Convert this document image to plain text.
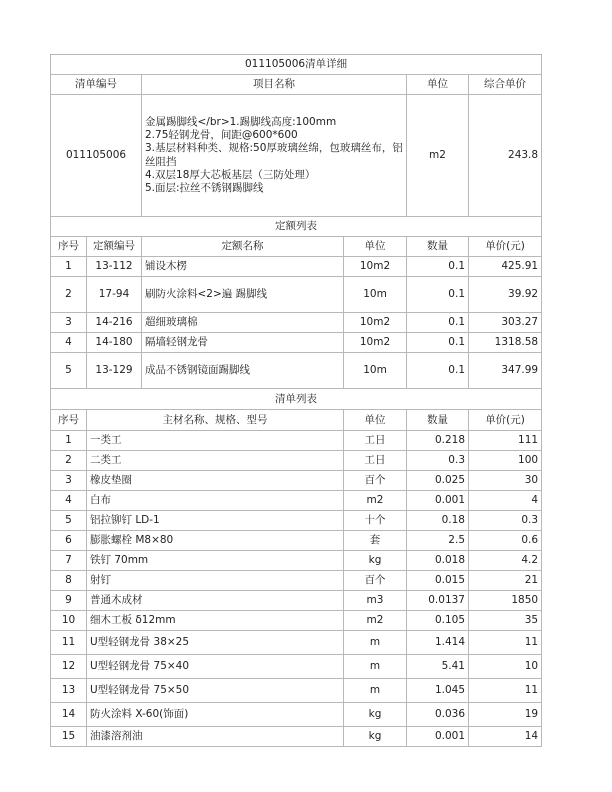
011105006清单详细						
清单编号		项目名称		单位	综合单价	
011105006		金属踢脚线</br>1.踢脚线高度:100mm
2.75轻钢龙骨，间距@600*600
3.基层材料种类、规格:50厚玻璃丝绵，包玻璃丝布，铝丝阻挡
4.双层18厚大芯板基层（三防处理）
5.面层:拉丝不锈钢踢脚线		m2	243.8	
定额列表						
序号	定额编号	定额名称	单位	数量	单价(元)	
1	13-112	铺设木楞	10m2	0.1	425.91	
2	17-94	刷防火涂料<2>遍 踢脚线	10m	0.1	39.92	
3	14-216	超细玻璃棉	10m2	0.1	303.27	
4	14-180	隔墙轻钢龙骨	10m2	0.1	1318.58	
5	13-129	成品不锈钢镜面踢脚线	10m	0.1	347.99	
清单列表						
序号	主材名称、规格、型号		单位	数量	单价(元)	
1	一类工		工日	0.218	111	
2	二类工		工日	0.3	100	
3	橡皮垫圈		百个	0.025	30	
4	白布		m2	0.001	4	
5	铝拉铆钉 LD-1		十个	0.18	0.3	
6	膨胀螺栓 M8×80		套	2.5	0.6	
7	铁钉 70mm		kg	0.018	4.2	
8	射钉		百个	0.015	21	
9	普通木成材		m3	0.0137	1850	
10	细木工板 δ12mm		m2	0.105	35	
11	U型轻钢龙骨 38×25		m	1.414	11	
12	U型轻钢龙骨 75×40		m	5.41	10	
13	U型轻钢龙骨 75×50		m	1.045	11	
14	防火涂料 X-60(饰面)		kg	0.036	19	
15	油漆溶剂油		kg	0.001	14	
